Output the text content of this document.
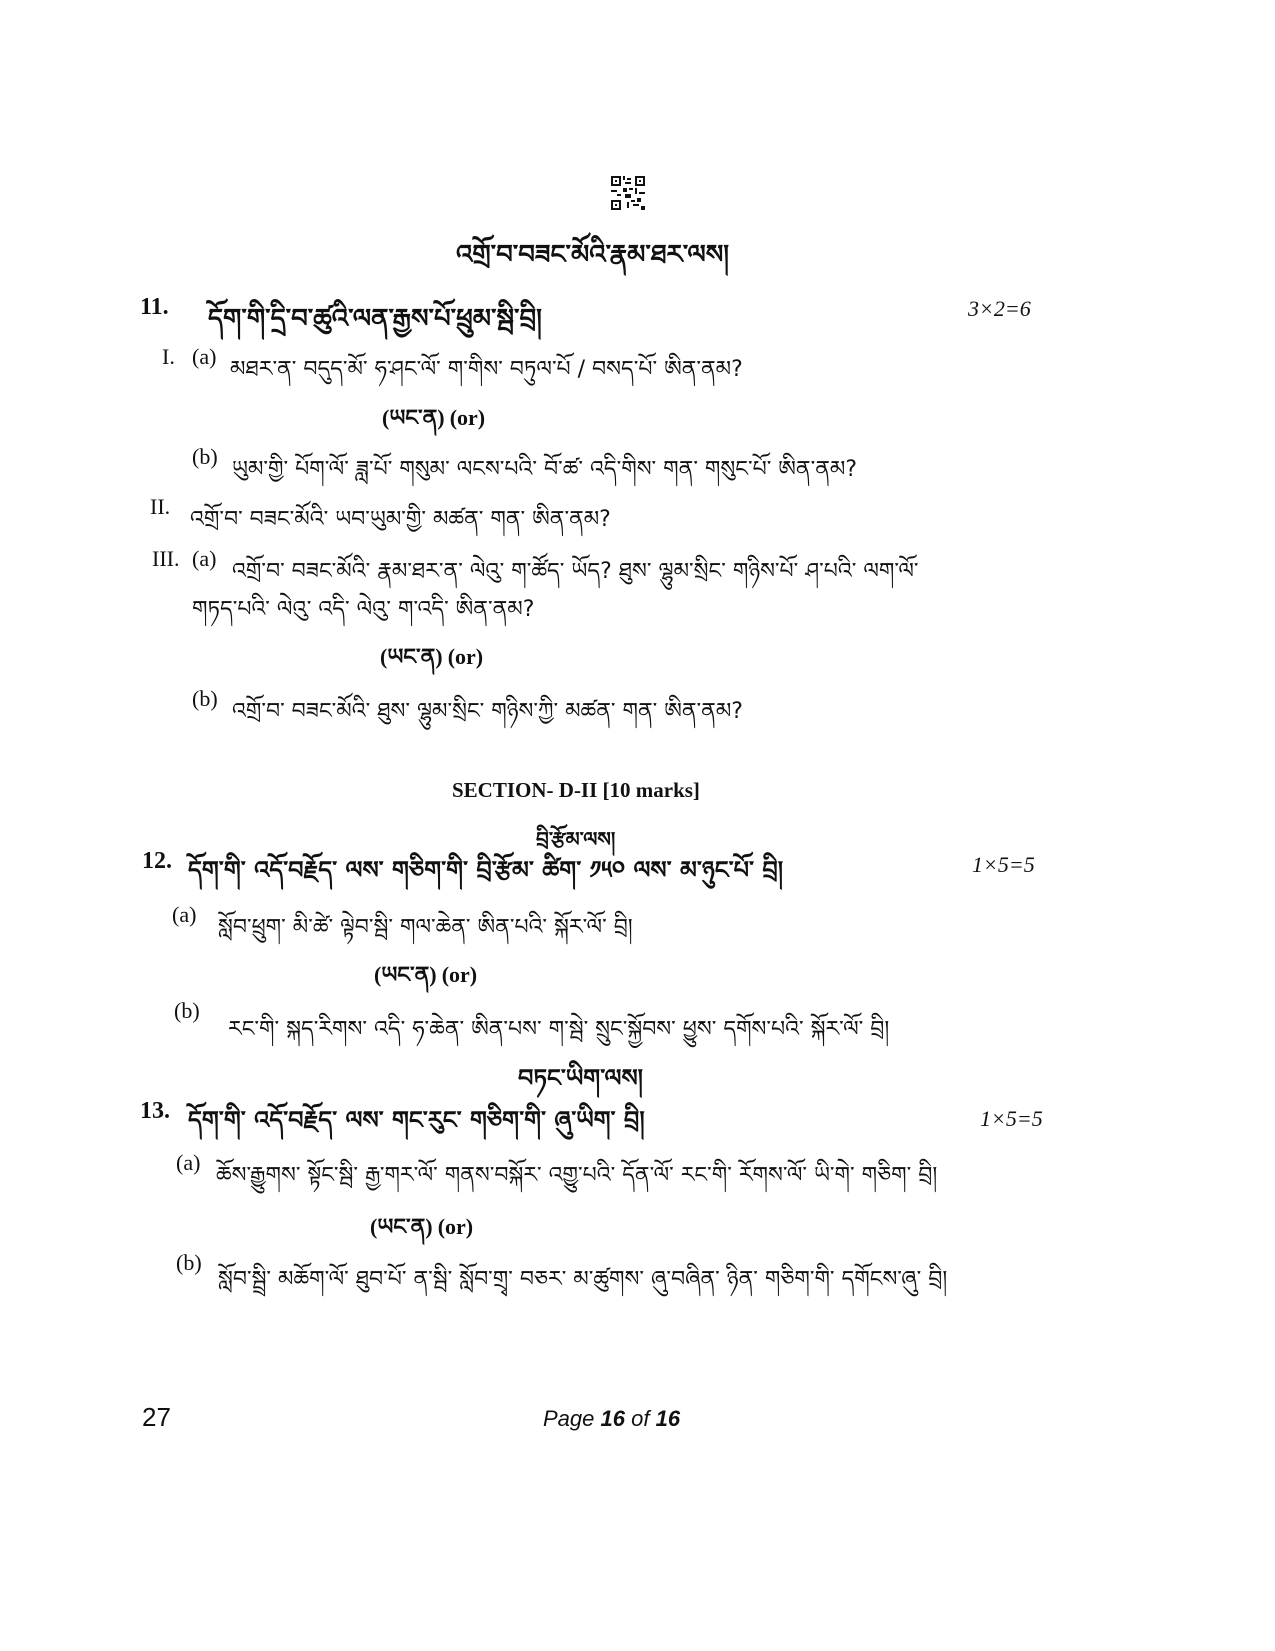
འགྲོ་བ་བཟང་མོའི་རྣམ་ཐར་ལས།
11. དོག་གི་དྲི་བ་ཚུའི་ལན་རྒྱས་པོ་ཕྲུམ་སྦི་བྲི།	3×2=6
I. (a)
མཐར་ན་ བདུད་མོ་ ཧ་ཤང་ལོ་ ག་གིས་ བཏུལ་པོ / བསད་པོ་ ཨིན་ནམ?
(ཡང་ན) (or)
(b)
ཡུམ་གྱི་ པོག་ལོ་ ཟླ་པོ་ གསུམ་ ལངས་པའི་ བོ་ཚ་ འདི་གིས་ གན་ གསུང་པོ་ ཨིན་ནམ?
II.
འགྲོ་བ་ བཟང་མོའི་ ཡབ་ཡུམ་གྱི་ མཚན་ གན་ ཨིན་ནམ?
III. (a)
འགྲོ་བ་ བཟང་མོའི་ རྣམ་ཐར་ན་ ལེའུ་ ག་ཚོད་ ཡོད? ཐུས་ ལྷུམ་སྲིང་ གཉིས་པོ་ ཤ་པའི་ ལག་ལོ་
གཏད་པའི་ ལེའུ་ འདི་ ལེའུ་ ག་འདི་ ཨིན་ནམ?
(ཡང་ན) (or)
(b)
འགྲོ་བ་ བཟང་མོའི་ ཐུས་ ལྷུམ་སྲིང་ གཉིས་ཀྱི་ མཚན་ གན་ ཨིན་ནམ?
SECTION- D-II [10 marks]
བྲི་རྩོམ་ལས།
12. དོག་གི་ འདོ་བརྗོད་ ལས་ གཅིག་གི་ བྲི་རྩོམ་ ཚིག་ ༡༥༠ ལས་ མ་ཉུང་པོ་ བྲི།	1×5=5
(a)
སློབ་ཕྲུག་ མི་ཚེ་ ལྟེབ་སྦི་ གལ་ཆེན་ ཨིན་པའི་ སྐོར་ལོ་ བྲི།
(ཡང་ན) (or)
(b)
རང་གི་ སྐད་རིགས་ འདི་ ཧ་ཆེན་ ཨིན་པས་ ག་སྦེ་ སྲུང་སྐྱོབས་ ཕྱུས་ དགོས་པའི་ སྐོར་ལོ་ བྲི།
བཏང་ཡིག་ལས།
13. དོག་གི་ འདོ་བརྗོད་ ལས་ གང་རུང་ གཅིག་གི་ ཞུ་ཡིག་ བྲི།	1×5=5
(a)
ཆོས་རྒྱུགས་ སྟོང་སྦི་ རྒྱ་གར་ལོ་ གནས་བསྐོར་ འགྱུ་པའི་ དོན་ལོ་ རང་གི་ རོགས་ལོ་ ཡི་གེ་ གཅིག་ བྲི།
(ཡང་ན) (or)
(b)
སློབ་སྦྲི་ མཆོག་ལོ་ ཐུབ་པོ་ ན་སྦི་ སློབ་གྲྭ་ བཅར་ མ་ཚུགས་ ཞུ་བཞིན་ ཉིན་ གཅིག་གི་ དགོངས་ཞུ་ བྲི།
27	Page 16 of 16
